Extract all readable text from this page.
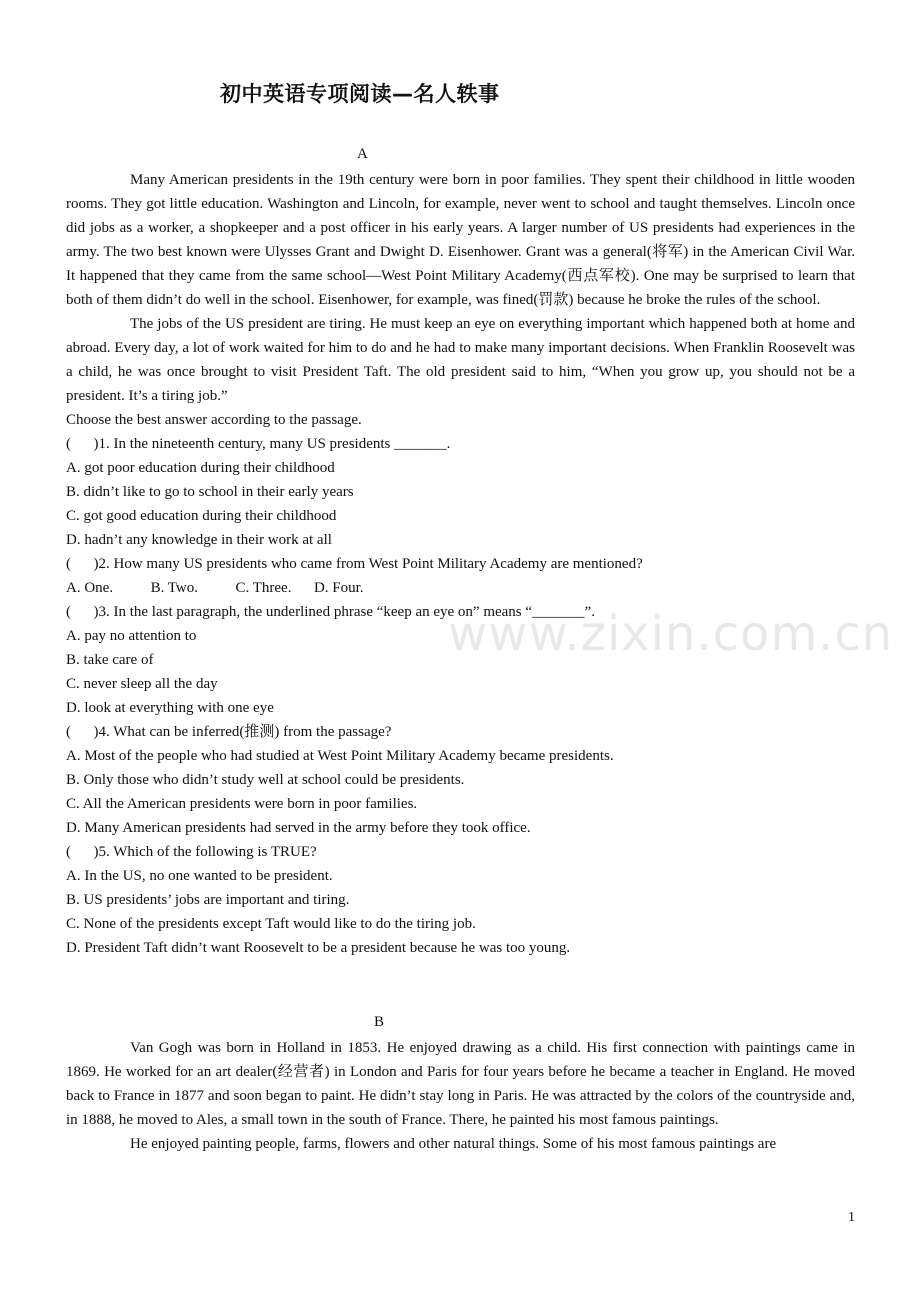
初中英语专项阅读—名人轶事
A

Many American presidents in the 19th century were born in poor families. They spent their childhood in little wooden rooms. They got little education. Washington and Lincoln, for example, never went to school and taught themselves. Lincoln once did jobs as a worker, a shopkeeper and a post officer in his early years. A larger number of US presidents had experiences in the army. The two best known were Ulysses Grant and Dwight D. Eisenhower. Grant was a general(将军) in the American Civil War. It happened that they came from the same school—West Point Military Academy(西点军校). One may be surprised to learn that both of them didn’t do well in the school. Eisenhower, for example, was fined(罚款) because he broke the rules of the school.

The jobs of the US president are tiring. He must keep an eye on everything important which happened both at home and abroad. Every day, a lot of work waited for him to do and he had to make many important decisions. When Franklin Roosevelt was a child, he was once brought to visit President Taft. The old president said to him, “When you grow up, you should not be a president. It’s a tiring job.”

Choose the best answer according to the passage.

(      )1. In the nineteenth century, many US presidents _______.

A. got poor education during their childhood

B. didn’t like to go to school in their early years

C. got good education during their childhood

D. hadn’t any knowledge in their work at all

(      )2. How many US presidents who came from West Point Military Academy are mentioned?

A. One.          B. Two.          C. Three.      D. Four.

(      )3. In the last paragraph, the underlined phrase “keep an eye on” means “_______”.

A. pay no attention to

B. take care of

C. never sleep all the day

D. look at everything with one eye

(      )4. What can be inferred(推测) from the passage?

A. Most of the people who had studied at West Point Military Academy became presidents.

B. Only those who didn’t study well at school could be presidents.

C. All the American presidents were born in poor families.

D. Many American presidents had served in the army before they took office.

(      )5. Which of the following is TRUE?

A. In the US, no one wanted to be president.

B. US presidents’ jobs are important and tiring.

C. None of the presidents except Taft would like to do the tiring job.

D. President Taft didn’t want Roosevelt to be a president because he was too young.

B

Van Gogh was born in Holland in 1853. He enjoyed drawing as a child. His first connection with paintings came in 1869. He worked for an art dealer(经营者) in London and Paris for four years before he became a teacher in England. He moved back to France in 1877 and soon began to paint. He didn’t stay long in Paris. He was attracted by the colors of the countryside and, in 1888, he moved to Ales, a small town in the south of France. There, he painted his most famous paintings.

He enjoyed painting people, farms, flowers and other natural things. Some of his most famous paintings are

www.zixin.com.cn
1
